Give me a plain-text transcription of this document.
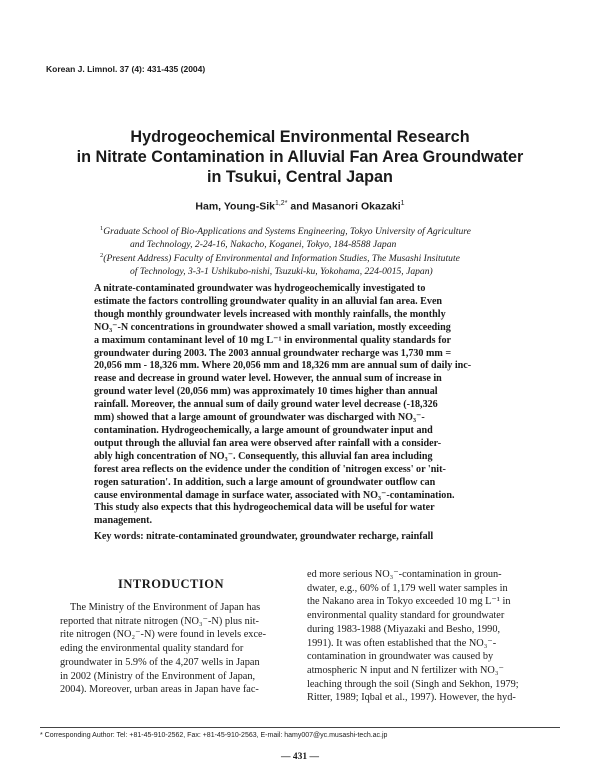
Korean J. Limnol. 37 (4): 431-435 (2004)
Hydrogeochemical Environmental Research
in Nitrate Contamination in Alluvial Fan Area Groundwater
in Tsukui, Central Japan
Ham, Young-Sik$^{1,2*}$ and Masanori Okazaki$^1$
$^1$Graduate School of Bio-Applications and Systems Engineering, Tokyo University of Agriculture
and Technology, 2-24-16, Nakacho, Koganei, Tokyo, 184-8588 Japan
$^2$(Present Address) Faculty of Environmental and Information Studies, The Musashi Insitutute
of Technology, 3-3-1 Ushikubo-nishi, Tsuzuki-ku, Yokohama, 224-0015, Japan)
A nitrate-contaminated groundwater was hydrogeochemically investigated to
estimate the factors controlling groundwater quality in an alluvial fan area. Even
though monthly groundwater levels increased with monthly rainfalls, the monthly
NO₃⁻-N concentrations in groundwater showed a small variation, mostly exceeding
a maximum contaminant level of 10 mg L⁻¹ in environmental quality standards for
groundwater during 2003. The 2003 annual groundwater recharge was 1,730 mm =
20,056 mm - 18,326 mm. Where 20,056 mm and 18,326 mm are annual sum of daily inc-
rease and decrease in ground water level. However, the annual sum of increase in
ground water level (20,056 mm) was approximately 10 times higher than annual
rainfall. Moreover, the annual sum of daily ground water level decrease (-18,326
mm) showed that a large amount of groundwater was discharged with NO₃⁻-
contamination. Hydrogeochemically, a large amount of groundwater input and
output through the alluvial fan area were observed after rainfall with a consider-
ably high concentration of NO₃⁻. Consequently, this alluvial fan area including
forest area reflects on the evidence under the condition of 'nitrogen excess' or 'nit-
rogen saturation'. In addition, such a large amount of groundwater outflow can
cause environmental damage in surface water, associated with NO₃⁻-contamination.
This study also expects that this hydrogeochemical data will be useful for water
management.
Key words: nitrate-contaminated groundwater, groundwater recharge, rainfall
INTRODUCTION
The Ministry of the Environment of Japan has
reported that nitrate nitrogen (NO₃⁻-N) plus nit-
rite nitrogen (NO₂⁻-N) were found in levels exce-
eding the environmental quality standard for
groundwater in 5.9% of the 4,207 wells in Japan
in 2002 (Ministry of the Environment of Japan,
2004). Moreover, urban areas in Japan have fac-
ed more serious NO₃⁻-contamination in groun-
dwater, e.g., 60% of 1,179 well water samples in
the Nakano area in Tokyo exceeded 10 mg L⁻¹ in
environmental quality standard for groundwater
during 1983-1988 (Miyazaki and Besho, 1990,
1991). It was often established that the NO₃⁻-
contamination in groundwater was caused by
atmospheric N input and N fertilizer with NO₃⁻
leaching through the soil (Singh and Sekhon, 1979;
Ritter, 1989; Iqbal et al., 1997). However, the hyd-
* Corresponding Author: Tel: +81-45-910-2562, Fax: +81-45-910-2563, E-mail: hamy007@yc.musashi-tech.ac.jp
— 431 —
